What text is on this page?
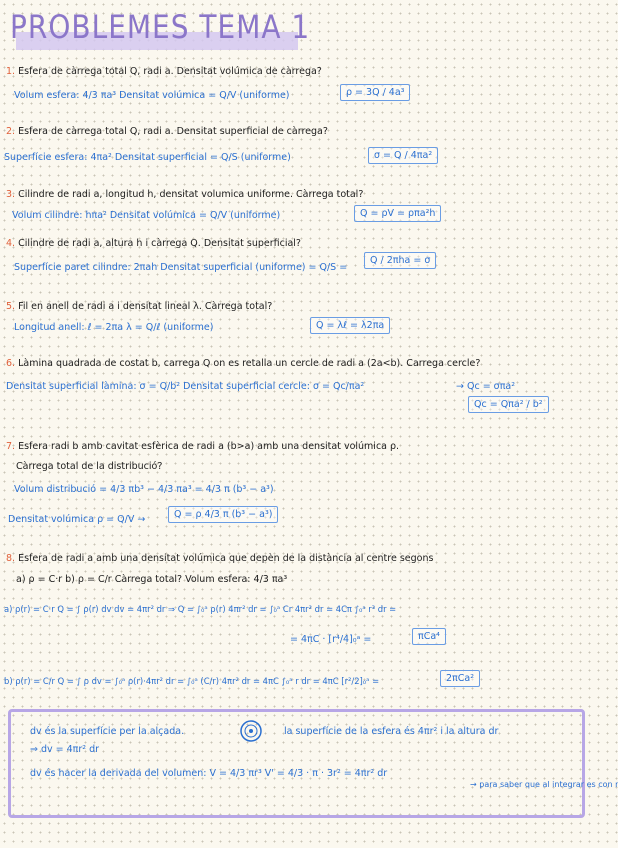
PROBLEMES TEMA 1
1. Esfera de càrrega total Q, radi a. Densitat volúmica de càrrega?
Volum esfera: 4/3 πa³ Densitat volúmica = Q/V (uniforme)	ρ = 3Q / 4a³
2. Esfera de càrrega total Q, radi a. Densitat superficial de càrrega?
Superfície esfera: 4πa² Densitat superficial = Q/S (uniforme)	σ = Q / 4πa²
3. Cilindre de radi a, longitud h, densitat volumica uniforme. Càrrega total?
Volum cilindre: hπa² Densitat volúmica = Q/V (uniforme)	Q = ρV = ρπa²h
4. Cilindre de radi a, altura h i càrrega Q. Densitat superficial?
Superfície paret cilindre: 2πah Densitat superficial (uniforme) = Q/S =
Q / 2πha = σ
5. Fil en anell de radi a i densitat lineal λ. Càrrega total?
Longitud anell: ℓ = 2πa λ = Q/ℓ (uniforme)	Q = λℓ = λ2πa
6. Làmina quadrada de costat b, carrega Q on es retalla un cercle de radi a (2a<b). Carrega cercle?
Densitat superficial làmina: σ = Q/b² Densitat superficial cercle: σ = Qc/πa²	→ Qc = σπa²
Qc = Qπa² / b²
7. Esfera radi b amb cavitat esfèrica de radi a (b>a) amb una densitat volúmica ρ.
Càrrega total de la distribució?
Volum distribució = 4/3 πb³ − 4/3 πa³ = 4/3 π (b³ − a³)
Densitat volúmica ρ = Q/V →	Q = ρ 4/3 π (b³ − a³)
8. Esfera de radi a amb una densitat volúmica que depèn de la distància al centre segons
a) ρ = C·r b) ρ = C/r Càrrega total? Volum esfera: 4/3 πa³
a) ρ(r) = C·r Q = ∫ ρ(r) dv dv = 4πr² dr ⇒ Q = ∫₀ᵃ ρ(r) 4πr² dr = ∫₀ᵃ Cr 4πr² dr = 4Cπ ∫₀ᵃ r³ dr =
= 4πC · [r⁴/4]₀ᵃ =	πCa⁴
b) ρ(r) = C/r Q = ∫ ρ dv = ∫₀ᵃ ρ(r)·4πr² dr = ∫₀ᵃ (C/r) 4πr² dr = 4πC ∫₀ᵃ r dr = 4πC [r²/2]₀ᵃ =	2πCa²
dv és la superfície per la alçada.	la superfície de la esfera és 4πr² i la altura dr
⇒ dv = 4πr² dr
dv és hacer la derivada del volumen: V = 4/3 πr³ V' = 4/3 · π · 3r² = 4πr² dr
→ para saber que al integrar es con r
